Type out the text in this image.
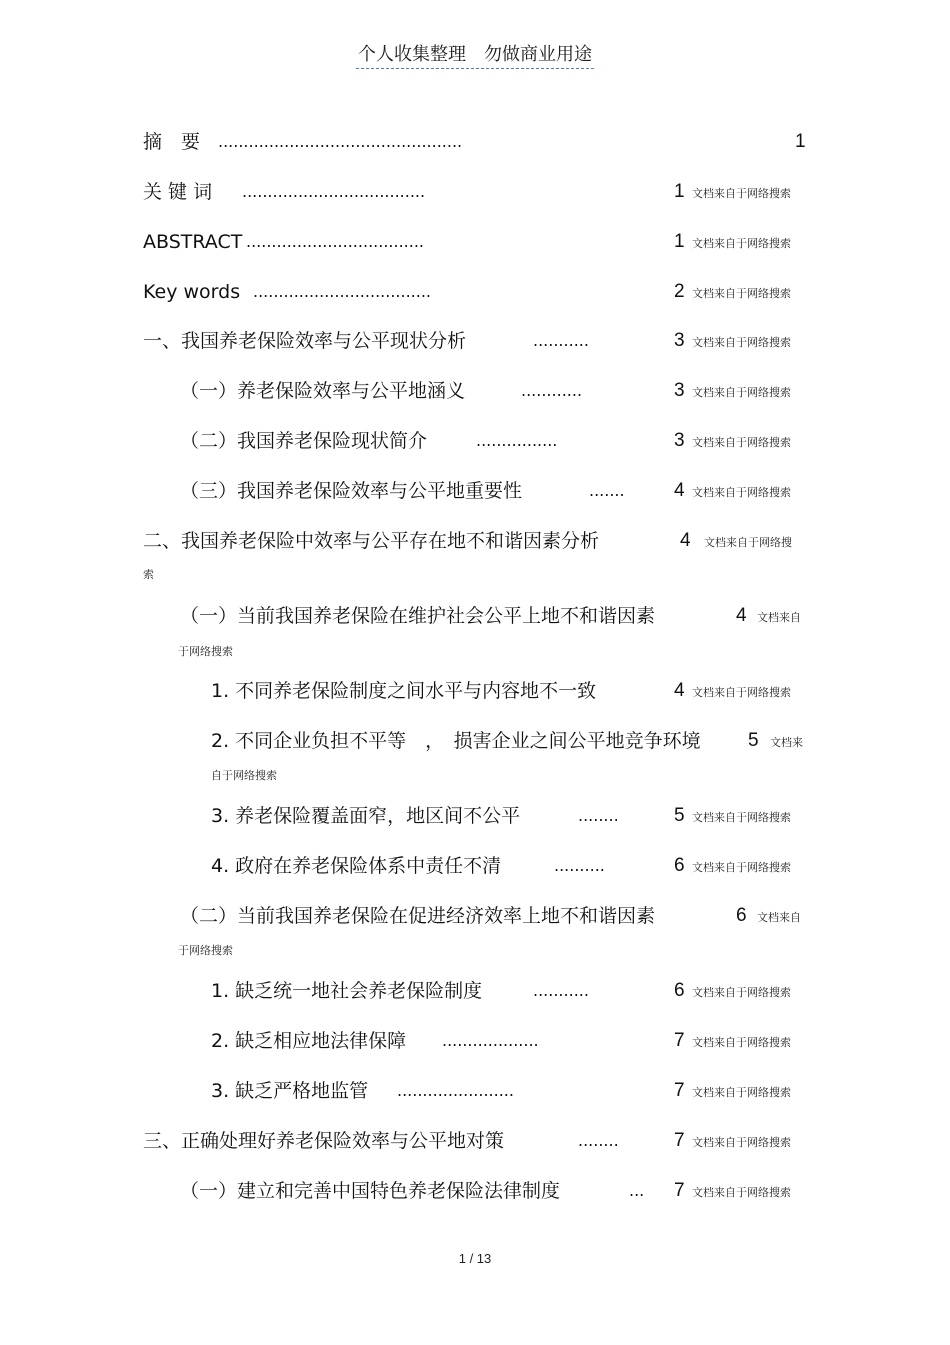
个人收集整理　勿做商业用途
摘　要 ................................................	1
关 键 词 ....................................	1 文档来自于网络搜索
ABSTRACT ...................................	1 文档来自于网络搜索
Key words ...................................	2 文档来自于网络搜索
一、我国养老保险效率与公平现状分析	...........	3 文档来自于网络搜索
（一）养老保险效率与公平地涵义	............	3 文档来自于网络搜索
（二）我国养老保险现状简介	................	3 文档来自于网络搜索
（三）我国养老保险效率与公平地重要性	.......	4 文档来自于网络搜索
二、我国养老保险中效率与公平存在地不和谐因素分析	4 文档来自于网络搜
索
（一）当前我国养老保险在维护社会公平上地不和谐因素	4 文档来自
于网络搜索
1. 不同养老保险制度之间水平与内容地不一致	4 文档来自于网络搜索
2. 不同企业负担不平等　，　损害企业之间公平地竞争环境 5 文档来
自于网络搜索
3. 养老保险覆盖面窄，地区间不公平	........	5 文档来自于网络搜索
4. 政府在养老保险体系中责任不清	..........	6 文档来自于网络搜索
（二）当前我国养老保险在促进经济效率上地不和谐因素	6 文档来自
于网络搜索
1. 缺乏统一地社会养老保险制度	...........	6 文档来自于网络搜索
2. 缺乏相应地法律保障 ...................	7 文档来自于网络搜索
3. 缺乏严格地监管 .......................	7 文档来自于网络搜索
三、正确处理好养老保险效率与公平地对策	........	7 文档来自于网络搜索
（一）建立和完善中国特色养老保险法律制度	... 7 文档来自于网络搜索
1 / 13
